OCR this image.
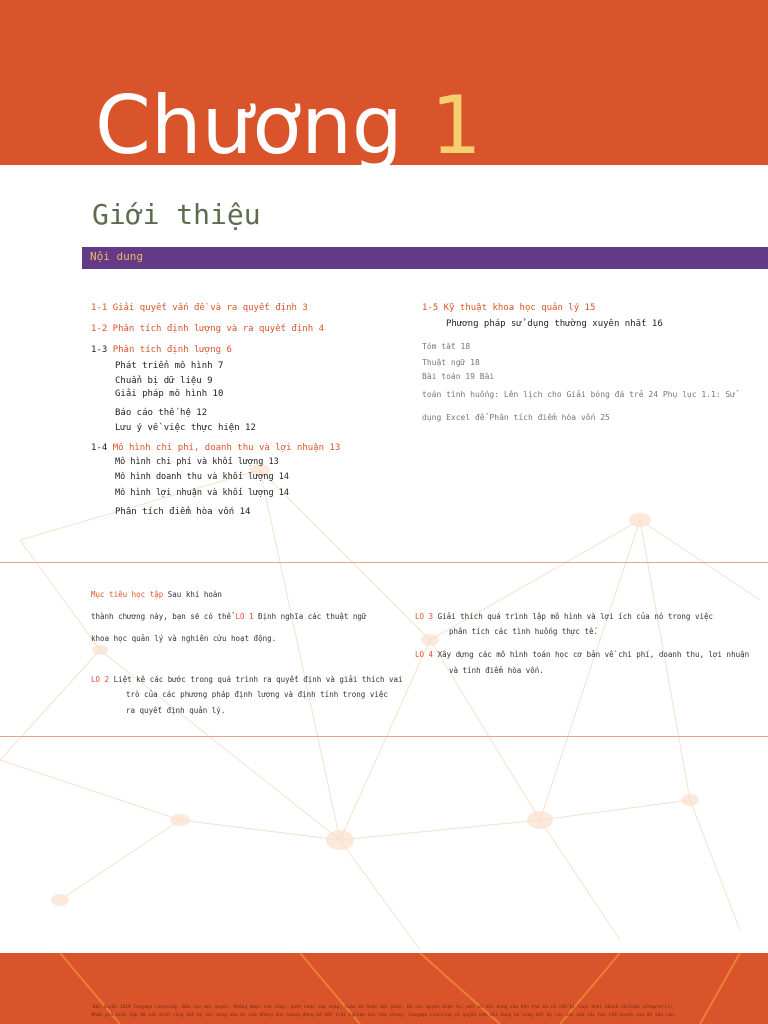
Chương 1
Giới thiệu
Nội dung
1-1 Giải quyết vấn đề và ra quyết định 3
1-2 Phân tích định lượng và ra quyết định 4
1-3 Phân tích định lượng 6
Phát triển mô hình 7
Chuẩn bị dữ liệu 9
Giải pháp mô hình 10
Báo cáo thế hệ 12
Lưu ý về việc thực hiện 12
1-4 Mô hình chi phí, doanh thu và lợi nhuận 13
Mô hình chi phí và khối lượng 13
Mô hình doanh thu và khối lượng 14
Mô hình lợi nhuận và khối lượng 14
Phân tích điểm hòa vốn 14
1-5 Kỹ thuật khoa học quản lý 15
Phương pháp sử dụng thường xuyên nhất 16
Tóm tắt 18
Thuật ngữ 18
Bài toán 19 Bài
toán tình huống: Lên lịch cho Giải bóng đá trẻ 24 Phụ lục 1.1: Sử
dụng Excel để Phân tích điểm hòa vốn 25
Mục tiêu học tập Sau khi hoàn
thành chương này, bạn sẽ có thể LO 1 Định nghĩa các thuật ngữ
khoa học quản lý và nghiên cứu hoạt động.
LO 2 Liệt kê các bước trong quá trình ra quyết định và giải thích vai
trò của các phương pháp định lượng và định tính trong việc
ra quyết định quản lý.
LO 3 Giải thích quá trình lập mô hình và lợi ích của nó trong việc
phân tích các tình huống thực tế.
LO 4 Xây dựng các mô hình toán học cơ bản về chi phí, doanh thu, lợi nhuận
và tính điểm hòa vốn.
Bản quyền 2019 Cengage Learning. Bảo lưu mọi quyền. Không được sao chép, quét hoặc sao chép, toàn bộ hoặc một phần. Do các quyền điện tử, một số nội dung của bên thứ ba có thể bị loại khỏi eBook và/hoặc eChapter(s).
Nhóm giả biên tập đã xác định rằng bất kỳ nội dung nào bị xóa không ảnh hưởng đáng kể đến trải nghiệm học tập chung. Cengage Learning có quyền xóa nội dung bổ sung bất kỳ lúc nào nếu các hạn chế quyền sau đó yêu cầu.
